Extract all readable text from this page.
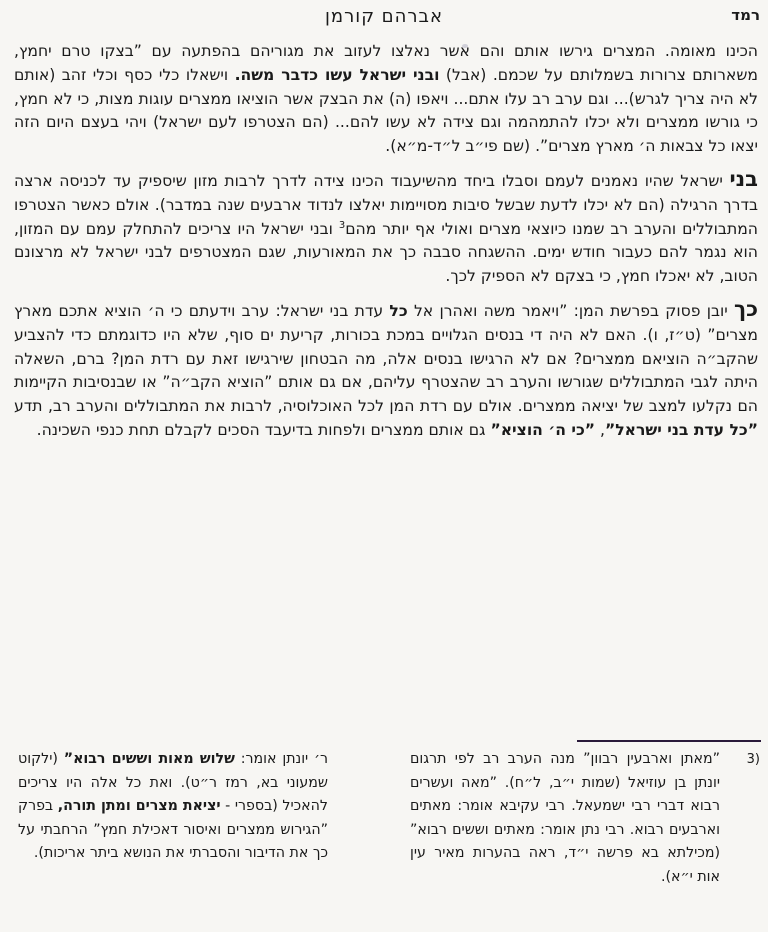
רמד
אברהם קורמן

הכינו מאומה. המצרים גירשו אותם והם אשר נאלצו לעזוב את מגוריהם בהפתעה עם ”בצקו טרם יחמץ, משארותם צרורות בשמלותם על שכמם. (אבל) ובני ישראל עשו כדבר משה. וישאלו כלי כסף וכלי זהב (אותם לא היה צריך לגרש)... וגם ערב רב עלו אתם... ויאפו (ה) את הבצק אשר הוציאו ממצרים עוגות מצות, כי לא חמץ, כי גורשו ממצרים ולא יכלו להתמהמה וגם צידה לא עשו להם... (הם הצטרפו לעם ישראל) ויהי בעצם היום הזה יצאו כל צבאות ה׳ מארץ מצרים”. (שם פי״ב ל״ד-מ״א).

בני ישראל שהיו נאמנים לעמם וסבלו ביחד מהשיעבוד הכינו צידה לדרך לרבות מזון שיספיק עד לכניסה ארצה בדרך הרגילה (הם לא יכלו לדעת שבשל סיבות מסויימות יאלצו לנדוד ארבעים שנה במדבר). אולם כאשר הצטרפו המתבוללים והערב רב שמנו כיוצאי מצרים ואולי אף יותר מהם$^3$ ובני ישראל היו צריכים להתחלק עמם עם המזון, הוא נגמר להם כעבור חודש ימים. ההשגחה סבבה כך את המאורעות, שגם המצטרפים לבני ישראל לא מרצונם הטוב, לא יאכלו חמץ, כי בצקם לא הספיק לכך.

כך יובן פסוק בפרשת המן: ”ויאמר משה ואהרן אל כל עדת בני ישראל: ערב וידעתם כי ה׳ הוציא אתכם מארץ מצרים” (ט״ז, ו). האם לא היה די בנסים הגלויים במכת בכורות, קריעת ים סוף, שלא היו כדוגמתם כדי להצביע שהקב״ה הוציאם ממצרים? אם לא הרגישו בנסים אלה, מה הבטחון שירגישו זאת עם רדת המן? ברם, השאלה היתה לגבי המתבוללים שגורשו והערב רב שהצטרף עליהם, אם גם אותם ”הוציא הקב״ה” או שבנסיבות הקיימות הם נקלעו למצב של יציאה ממצרים. אולם עם רדת המן לכל האוכלוסיה, לרבות את המתבוללים והערב רב, תדע ”כל עדת בני ישראל”, ”כי ה׳ הוציא” גם אותם ממצרים ולפחות בדיעבד הסכים לקבלם תחת כנפי השכינה.

3)
”מאתן וארבעין רבוון” מנה הערב רב לפי תרגום יונתן בן עוזיאל (שמות י״ב, ל״ח). ”מאה ועשרים רבוא דברי רבי ישמעאל. רבי עקיבא אומר: מאתים וארבעים רבוא. רבי נתן אומר: מאתים וששים רבוא” (מכילתא בא פרשה י״ד, ראה בהערות מאיר עין אות י״א).
ר׳ יונתן אומר: שלוש מאות וששים רבוא” (ילקוט שמעוני בא, רמז ר״ט). ואת כל אלה היו צריכים להאכיל (בספרי - יציאת מצרים ומתן תורה, בפרק ”הגירוש ממצרים ואיסור דאכילת חמץ” הרחבתי על כך את הדיבור והסברתי את הנושא ביתר אריכות).
